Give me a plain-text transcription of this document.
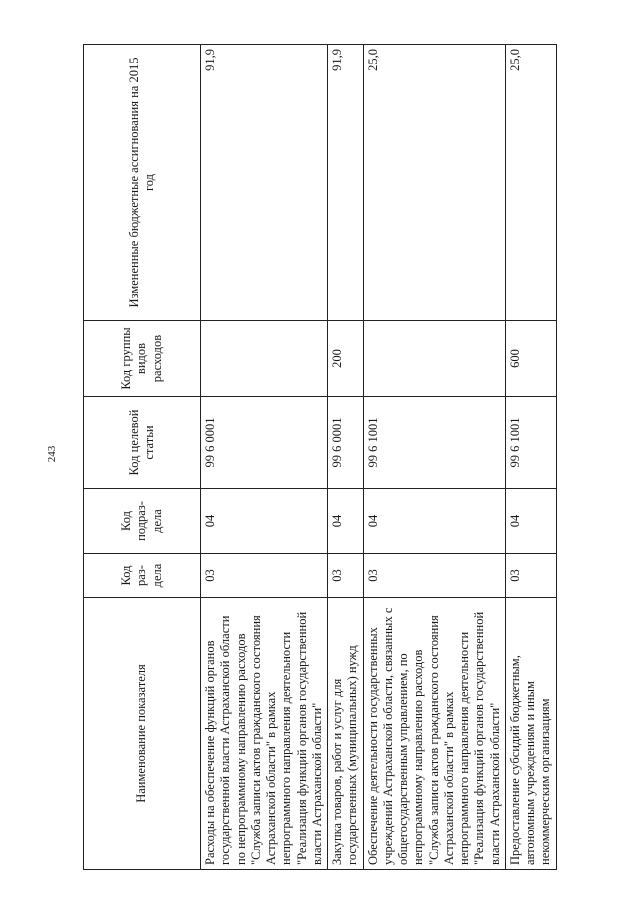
243
Наименование показателя	Код раз-дела	Код подраз-дела	Код целевой статьи	Код группы видов расходов	Измененные бюджетные ассигнования на 2015 год
Расходы на обеспечение функций органов государственной власти Астраханской области по непрограммному направлению расходов "Служба записи актов гражданского состояния Астраханской области" в рамках непрограммного направления деятельности "Реализация функций органов государственной власти Астраханской области"	03	04	99 6 0001		91,9
Закупка товаров, работ и услуг для государственных (муниципальных) нужд	03	04	99 6 0001	200	91,9
Обеспечение деятельности государственных учреждений Астраханской области, связанных с общегосударственным управлением, по непрограммному направлению расходов "Служба записи актов гражданского состояния Астраханской области" в рамках непрограммного направления деятельности "Реализация функций органов государственной власти Астраханской области"	03	04	99 6 1001		25,0
Предоставление субсидий бюджетным, автономным учреждениям и иным некоммерческим организациям	03	04	99 6 1001	600	25,0
